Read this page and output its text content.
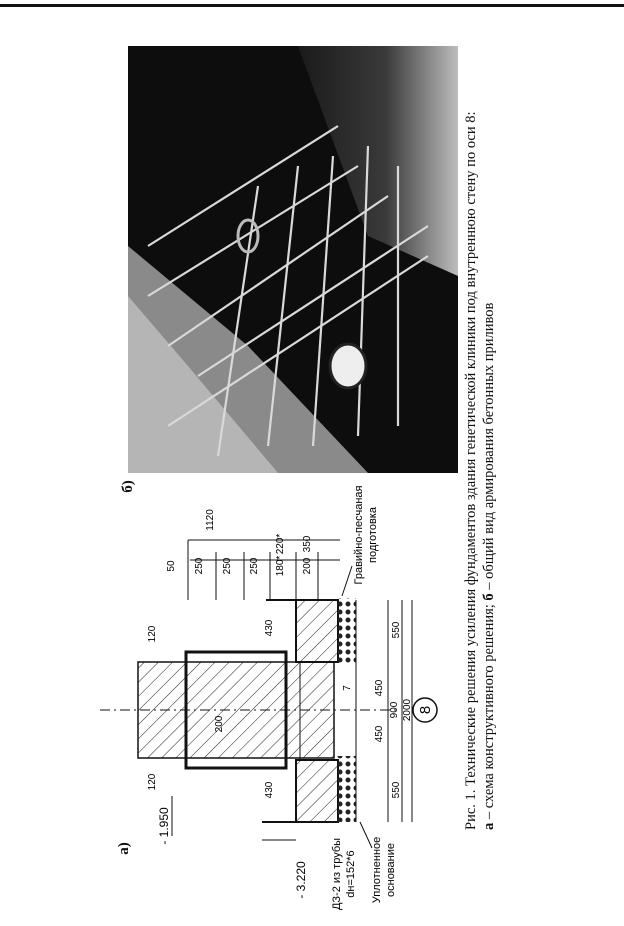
550
450
450
550
900 2000 8
120
120
430
430
200
7
- 1.950
- 3.220 ДЗ-2 из трубы dн=152*6 Уплотненное основание
50 250 250 250 180*
220* 350
200
1120	Гравийно-песчаная подготовка
а)
б)	Рис. 1. Технические решения усиления фундаментов здания генетической клиники под внутреннюю стену по оси 8: а – схема конструктивного решения; б – общий вид армирования бетонных приливов
